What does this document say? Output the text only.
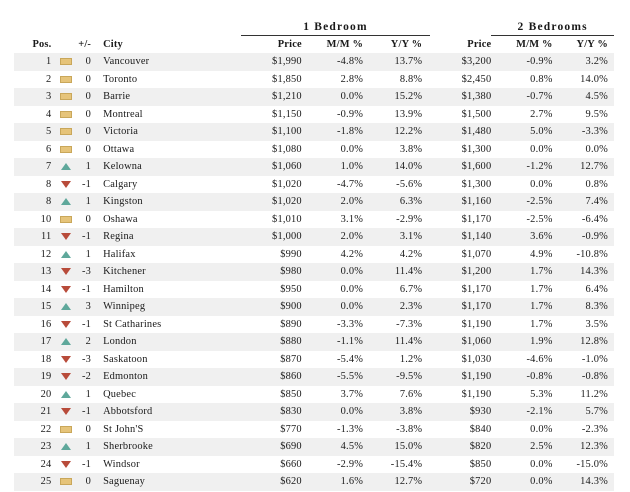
				1 Bedroom				2 Bedrooms	
Pos.	+/-		City	Price	M/M %	Y/Y %	Price	M/M %	Y/Y %
1		0	Vancouver	$1,990	-4.8%	13.7%	$3,200	-0.9%	3.2%
2		0	Toronto	$1,850	2.8%	8.8%	$2,450	0.8%	14.0%
3		0	Barrie	$1,210	0.0%	15.2%	$1,380	-0.7%	4.5%
4		0	Montreal	$1,150	-0.9%	13.9%	$1,500	2.7%	9.5%
5		0	Victoria	$1,100	-1.8%	12.2%	$1,480	5.0%	-3.3%
6		0	Ottawa	$1,080	0.0%	3.8%	$1,300	0.0%	0.0%
7		1	Kelowna	$1,060	1.0%	14.0%	$1,600	-1.2%	12.7%
8		-1	Calgary	$1,020	-4.7%	-5.6%	$1,300	0.0%	0.8%
8		1	Kingston	$1,020	2.0%	6.3%	$1,160	-2.5%	7.4%
10		0	Oshawa	$1,010	3.1%	-2.9%	$1,170	-2.5%	-6.4%
11		-1	Regina	$1,000	2.0%	3.1%	$1,140	3.6%	-0.9%
12		1	Halifax	$990	4.2%	4.2%	$1,070	4.9%	-10.8%
13		-3	Kitchener	$980	0.0%	11.4%	$1,200	1.7%	14.3%
14		-1	Hamilton	$950	0.0%	6.7%	$1,170	1.7%	6.4%
15		3	Winnipeg	$900	0.0%	2.3%	$1,170	1.7%	8.3%
16		-1	St Catharines	$890	-3.3%	-7.3%	$1,190	1.7%	3.5%
17		2	London	$880	-1.1%	11.4%	$1,060	1.9%	12.8%
18		-3	Saskatoon	$870	-5.4%	1.2%	$1,030	-4.6%	-1.0%
19		-2	Edmonton	$860	-5.5%	-9.5%	$1,190	-0.8%	-0.8%
20		1	Quebec	$850	3.7%	7.6%	$1,190	5.3%	11.2%
21		-1	Abbotsford	$830	0.0%	3.8%	$930	-2.1%	5.7%
22		0	St John'S	$770	-1.3%	-3.8%	$840	0.0%	-2.3%
23		1	Sherbrooke	$690	4.5%	15.0%	$820	2.5%	12.3%
24		-1	Windsor	$660	-2.9%	-15.4%	$850	0.0%	-15.0%
25		0	Saguenay	$620	1.6%	12.7%	$720	0.0%	14.3%
